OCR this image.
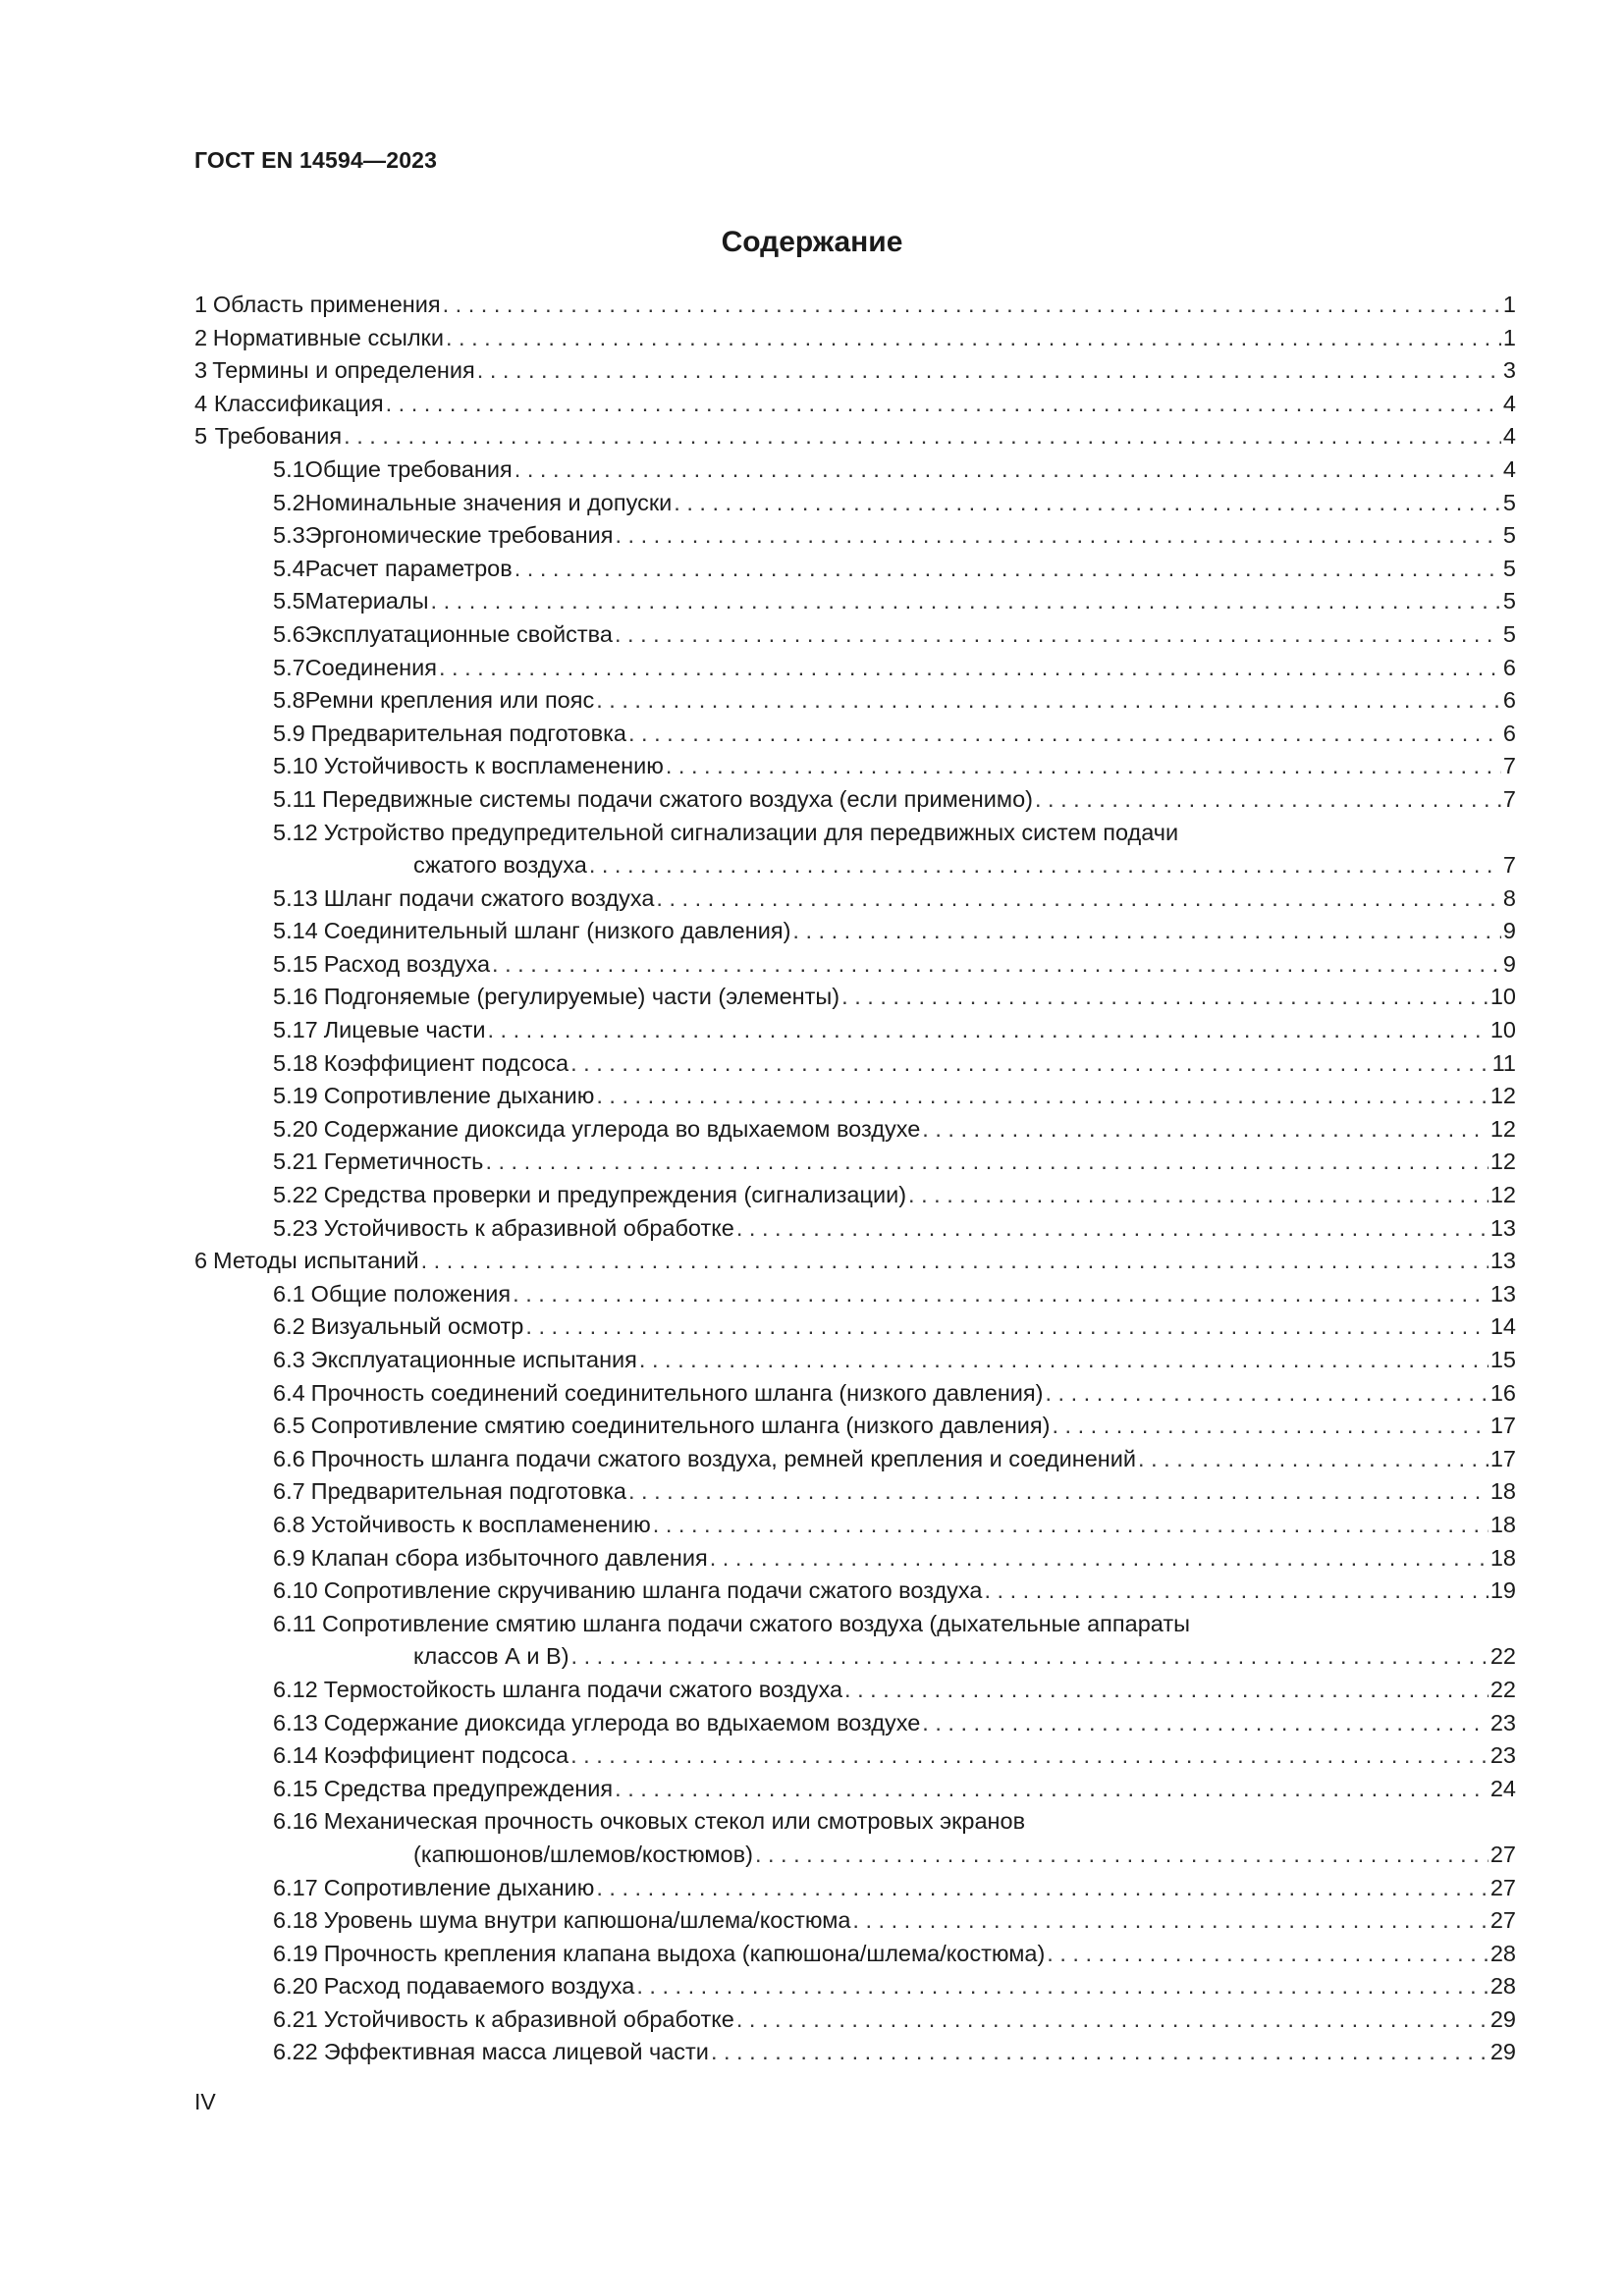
ГОСТ EN 14594—2023
Содержание
1 Область применения . . .	1
2 Нормативные ссылки . . .	1
3 Термины и определения . . .	3
4 Классификация . . .	4
5 Требования . . .	4
5.1 Общие требования . . .	4
5.2 Номинальные значения и допуски . . .	5
5.3 Эргономические требования . . .	5
5.4 Расчет параметров . . .	5
5.5 Материалы . . .	5
5.6 Эксплуатационные свойства . . .	5
5.7 Соединения . . .	6
5.8 Ремни крепления или пояс . . .	6
5.9 Предварительная подготовка . . .	6
5.10 Устойчивость к воспламенению . . .	7
5.11 Передвижные системы подачи сжатого воздуха (если применимо) . . .	7
5.12 Устройство предупредительной сигнализации для передвижных систем подачи
сжатого воздуха . . .	7
5.13 Шланг подачи сжатого воздуха . . .	8
5.14 Соединительный шланг (низкого давления) . . .	9
5.15 Расход воздуха . . .	9
5.16 Подгоняемые (регулируемые) части (элементы) . . .	10
5.17 Лицевые части . . .	10
5.18 Коэффициент подсоса . . .	11
5.19 Сопротивление дыханию . . .	12
5.20 Содержание диоксида углерода во вдыхаемом воздухе . . .	12
5.21 Герметичность . . .	12
5.22 Средства проверки и предупреждения (сигнализации) . . .	12
5.23 Устойчивость к абразивной обработке . . .	13
6 Методы испытаний . . .	13
6.1 Общие положения . . .	13
6.2 Визуальный осмотр . . .	14
6.3 Эксплуатационные испытания . . .	15
6.4 Прочность соединений соединительного шланга (низкого давления) . . .	16
6.5 Сопротивление смятию соединительного шланга (низкого давления) . . .	17
6.6 Прочность шланга подачи сжатого воздуха, ремней крепления и соединений . . .	17
6.7 Предварительная подготовка . . .	18
6.8 Устойчивость к воспламенению . . .	18
6.9 Клапан сбора избыточного давления . . .	18
6.10 Сопротивление скручиванию шланга подачи сжатого воздуха . . .	19
6.11 Сопротивление смятию шланга подачи сжатого воздуха (дыхательные аппараты
классов А и В) . . .	22
6.12 Термостойкость шланга подачи сжатого воздуха . . .	22
6.13 Содержание диоксида углерода во вдыхаемом воздухе . . .	23
6.14 Коэффициент подсоса . . .	23
6.15 Средства предупреждения . . .	24
6.16 Механическая прочность очковых стекол или смотровых экранов
(капюшонов/шлемов/костюмов) . . .	27
6.17 Сопротивление дыханию . . .	27
6.18 Уровень шума внутри капюшона/шлема/костюма . . .	27
6.19 Прочность крепления клапана выдоха (капюшона/шлема/костюма) . . .	28
6.20 Расход подаваемого воздуха . . .	28
6.21 Устойчивость к абразивной обработке . . .	29
6.22 Эффективная масса лицевой части . . .	29
IV
